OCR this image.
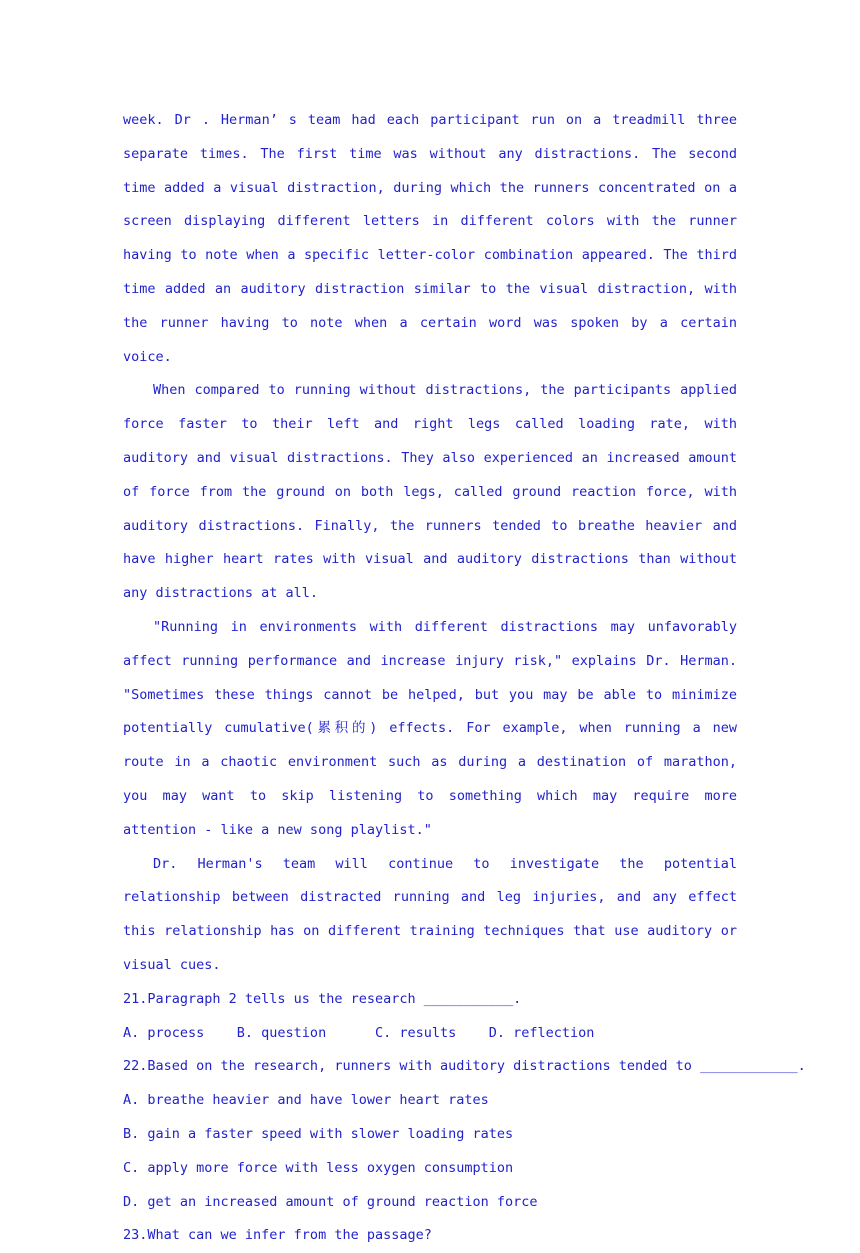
week. Dr . Herman’ s team had each participant run on a treadmill three separate times. The first time was without any distractions. The second time added a visual distraction, during which the runners concentrated on a screen displaying different letters in different colors with the runner having to note when a specific letter-color combination appeared. The third time added an auditory distraction similar to the visual distraction, with the runner having to note when a certain word was spoken by a certain voice.

When compared to running without distractions, the participants applied force faster to their left and right legs called loading rate, with auditory and visual distractions. They also experienced an increased amount of force from the ground on both legs, called ground reaction force, with auditory distractions. Finally, the runners tended to breathe heavier and have higher heart rates with visual and auditory distractions than without any distractions at all.

"Running in environments with different distractions may unfavorably affect running performance and increase injury risk," explains Dr. Herman. "Sometimes these things cannot be helped, but you may be able to minimize potentially cumulative(累积的) effects. For example, when running a new route in a chaotic environment such as during a destination of marathon, you may want to skip listening to something which may require more attention - like a new song playlist."

Dr. Herman's team will continue to investigate the potential relationship between distracted running and leg injuries, and any effect this relationship has on different training techniques that use auditory or visual cues.

21.Paragraph 2 tells us the research ___________.
A. process    B. question      C. results    D. reflection
22.Based on the research, runners with auditory distractions tended to ____________.
A. breathe heavier and have lower heart rates
B. gain a faster speed with slower loading rates
C. apply more force with less oxygen consumption
D. get an increased amount of ground reaction force
23.What can we infer from the passage?
